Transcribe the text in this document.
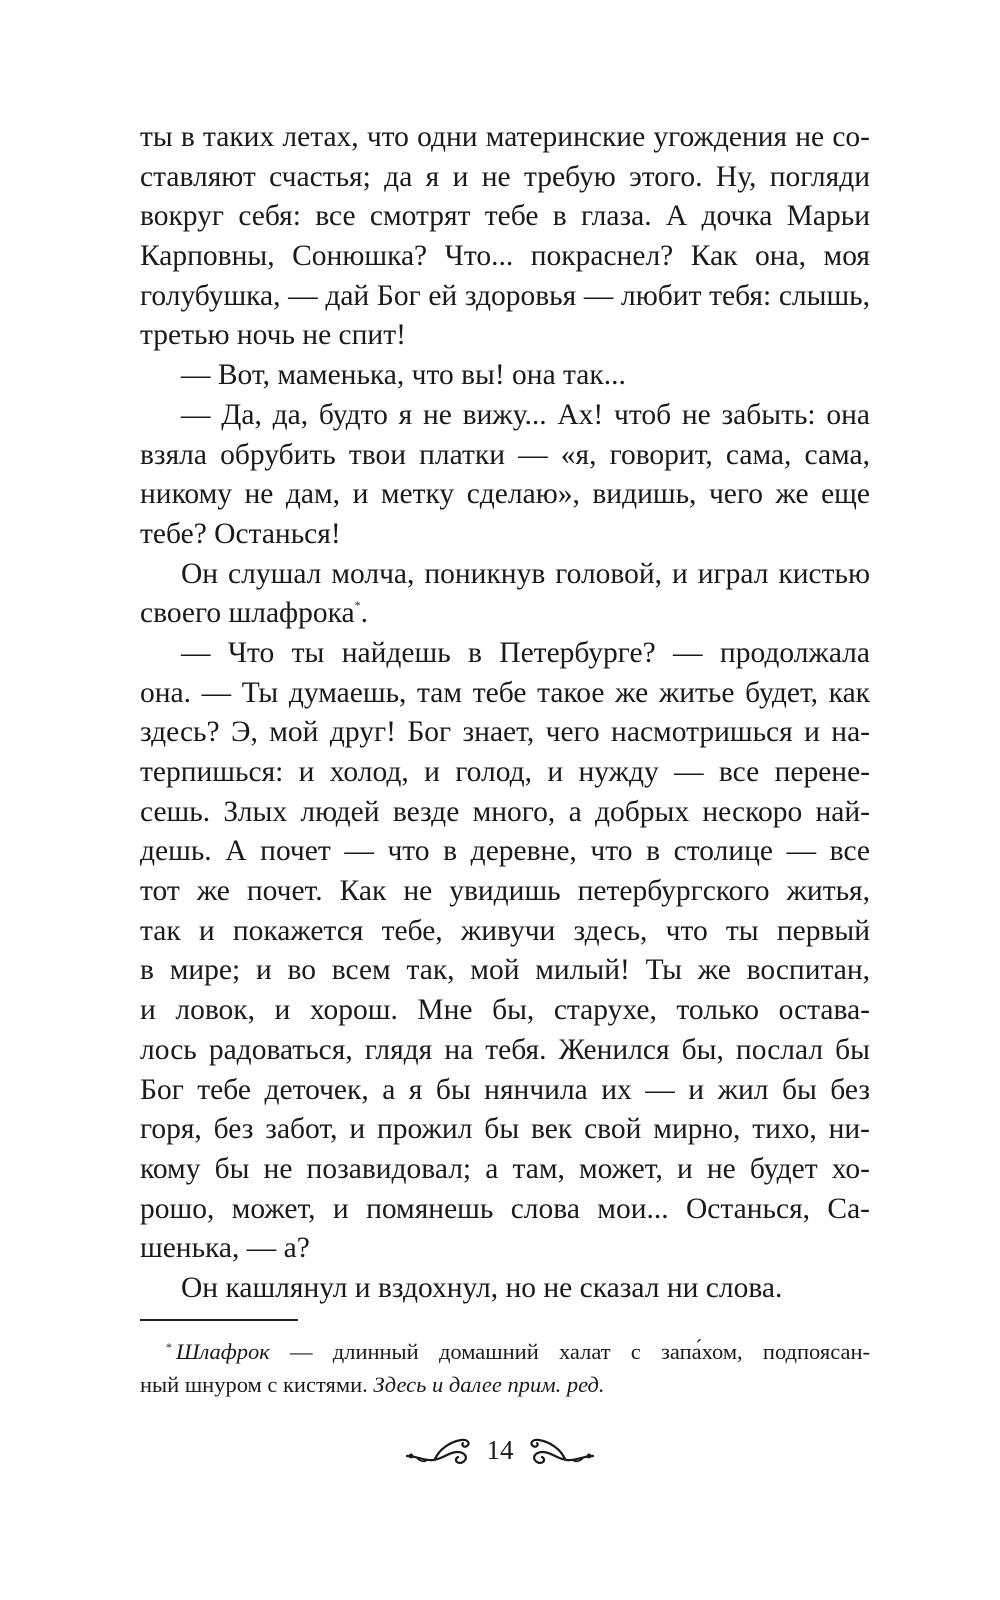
ты в таких летах, что одни материнские угождения не со-
ставляют счастья; да я и не требую этого. Ну, погляди
вокруг себя: все смотрят тебе в глаза. А дочка Марьи
Карповны, Сонюшка? Что... покраснел? Как она, моя
голубушка, — дай Бог ей здоровья — любит тебя: слышь,
третью ночь не спит!
— Вот, маменька, что вы! она так...
— Да, да, будто я не вижу... Ах! чтоб не забыть: она
взяла обрубить твои платки — «я, говорит, сама, сама,
никому не дам, и метку сделаю», видишь, чего же еще
тебе? Останься!
Он слушал молча, поникнув головой, и играл кистью
своего шлафрока*.
— Что ты найдешь в Петербурге? — продолжала
она. — Ты думаешь, там тебе такое же житье будет, как
здесь? Э, мой друг! Бог знает, чего насмотришься и на-
терпишься: и холод, и голод, и нужду — все перене-
сешь. Злых людей везде много, а добрых нескоро най-
дешь. А почет — что в деревне, что в столице — все
тот же почет. Как не увидишь петербургского житья,
так и покажется тебе, живучи здесь, что ты первый
в мире; и во всем так, мой милый! Ты же воспитан,
и ловок, и хорош. Мне бы, старухе, только остава-
лось радоваться, глядя на тебя. Женился бы, послал бы
Бог тебе деточек, а я бы нянчила их — и жил бы без
горя, без забот, и прожил бы век свой мирно, тихо, ни-
кому бы не позавидовал; а там, может, и не будет хо-
рошо, может, и помянешь слова мои... Останься, Са-
шенька, — а?
Он кашлянул и вздохнул, но не сказал ни слова.
* Шлафрок — длинный домашний халат с запа́хом, подпоясан-
ный шнуром с кистями. Здесь и далее прим. ред.
14
